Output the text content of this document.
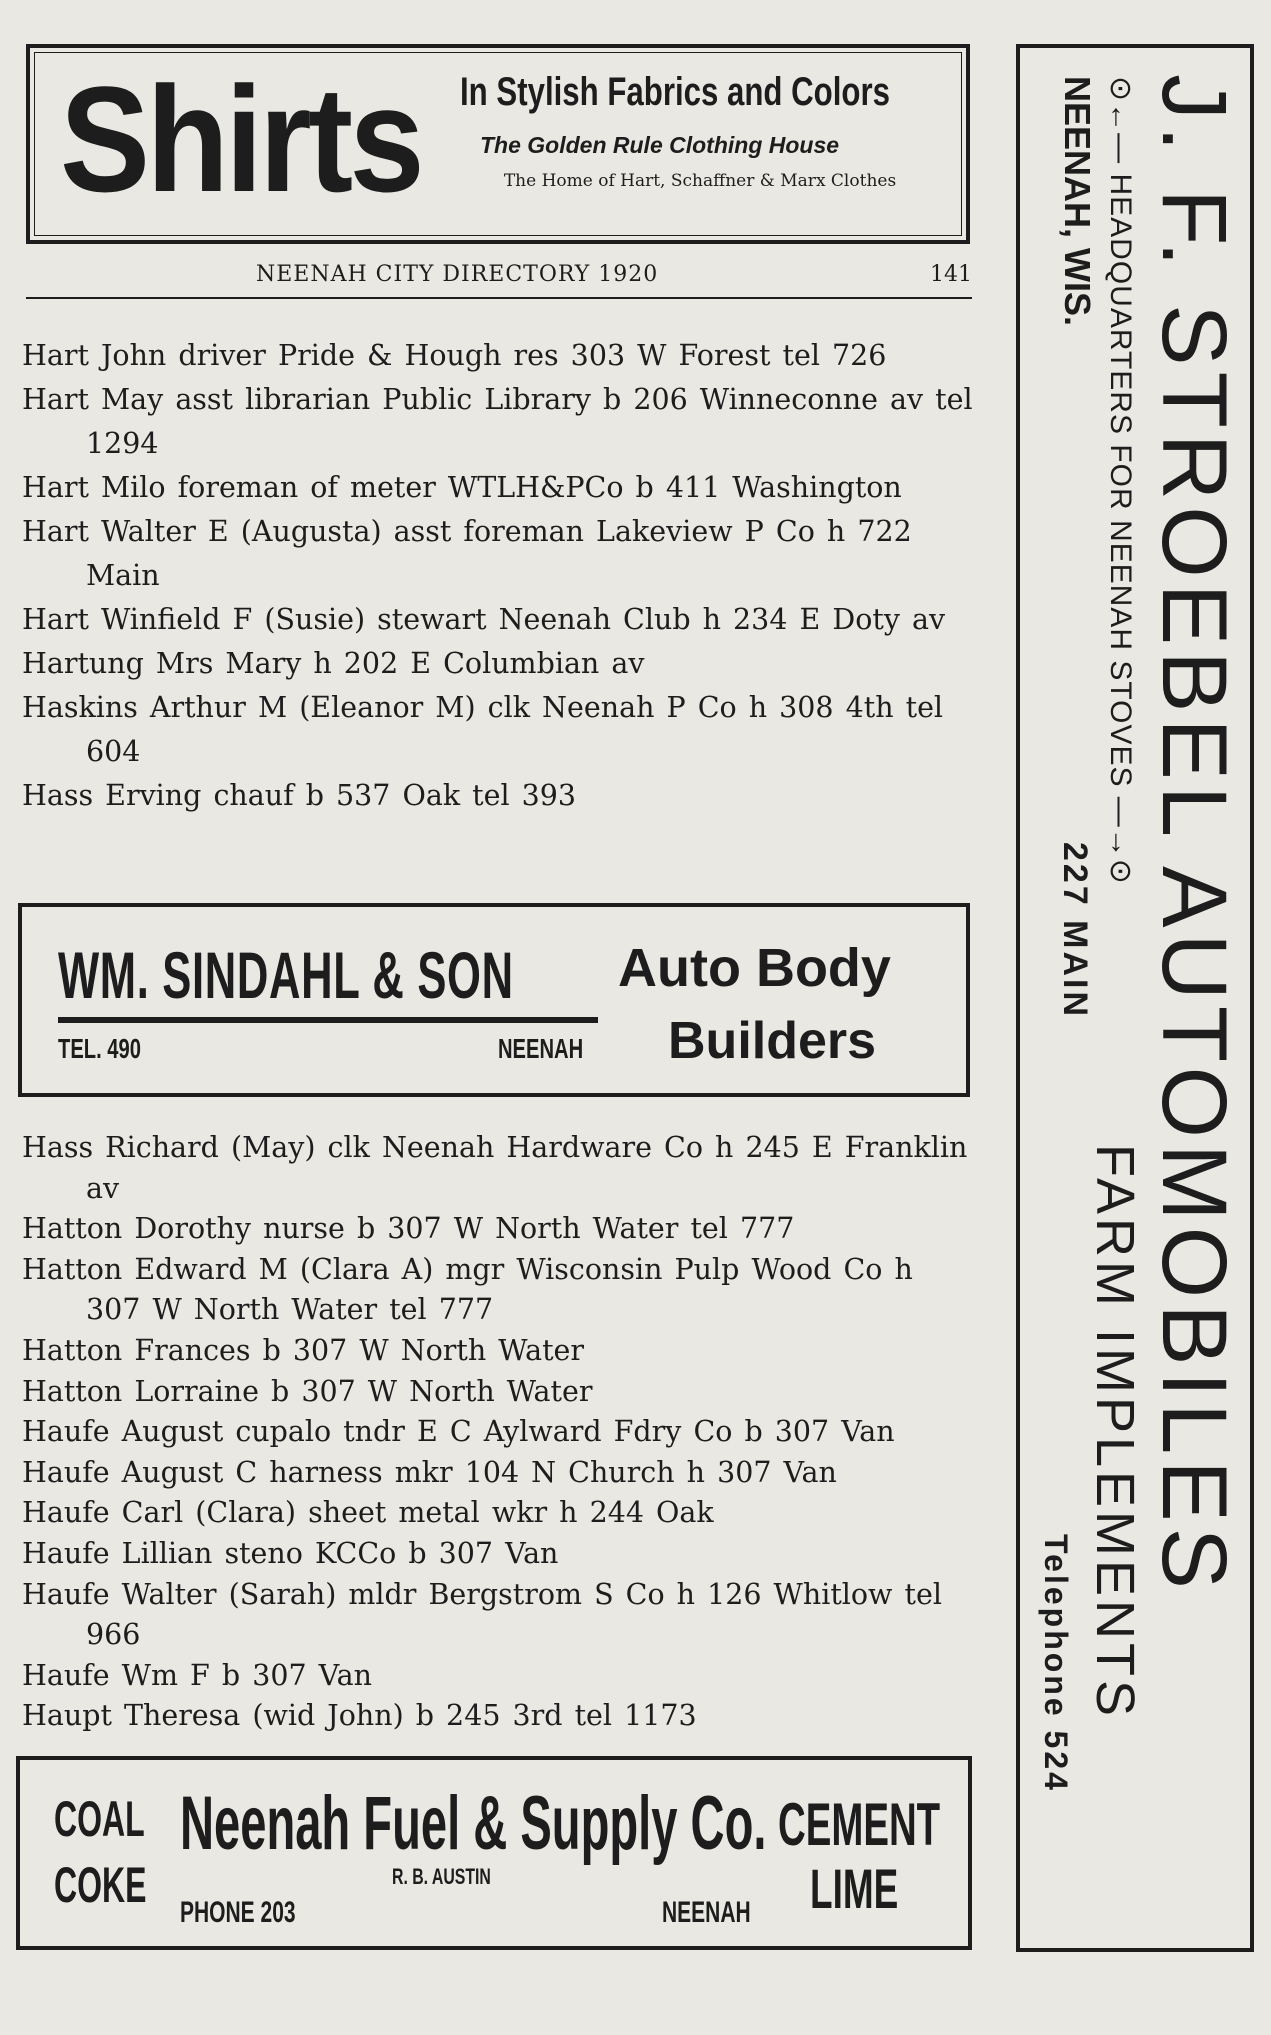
Shirts In Stylish Fabrics and Colors
The Golden Rule Clothing House
The Home of Hart, Schaffner & Marx Clothes
NEENAH CITY DIRECTORY 1920	141
Hart John driver Pride & Hough res 303 W Forest tel 726
Hart May asst librarian Public Library b 206 Winneconne av tel 1294
Hart Milo foreman of meter WTLH&PCo b 411 Washington
Hart Walter E (Augusta) asst foreman Lakeview P Co h 722 Main
Hart Winfield F (Susie) stewart Neenah Club h 234 E Doty av
Hartung Mrs Mary h 202 E Columbian av
Haskins Arthur M (Eleanor M) clk Neenah P Co h 308 4th tel 604
Hass Erving chauf b 537 Oak tel 393
WM. SINDAHL & SON
TEL. 490	NEENAH
Auto Body
Builders
Hass Richard (May) clk Neenah Hardware Co h 245 E Franklin av
Hatton Dorothy nurse b 307 W North Water tel 777
Hatton Edward M (Clara A) mgr Wisconsin Pulp Wood Co h 307 W North Water tel 777
Hatton Frances b 307 W North Water
Hatton Lorraine b 307 W North Water
Haufe August cupalo tndr E C Aylward Fdry Co b 307 Van
Haufe August C harness mkr 104 N Church h 307 Van
Haufe Carl (Clara) sheet metal wkr h 244 Oak
Haufe Lillian steno KCCo b 307 Van
Haufe Walter (Sarah) mldr Bergstrom S Co h 126 Whitlow tel 966
Haufe Wm F b 307 Van
Haupt Theresa (wid John) b 245 3rd tel 1173
COAL
COKE
Neenah Fuel & Supply Co.
R. B. AUSTIN
PHONE 203	NEENAH
CEMENT
LIME
J. F. STROEBEL AUTOMOBILES
⊙←— HEADQUARTERS FOR NEENAH STOVES —→⊙
FARM IMPLEMENTS
NEENAH, WIS.
227 MAIN
Telephone 524
